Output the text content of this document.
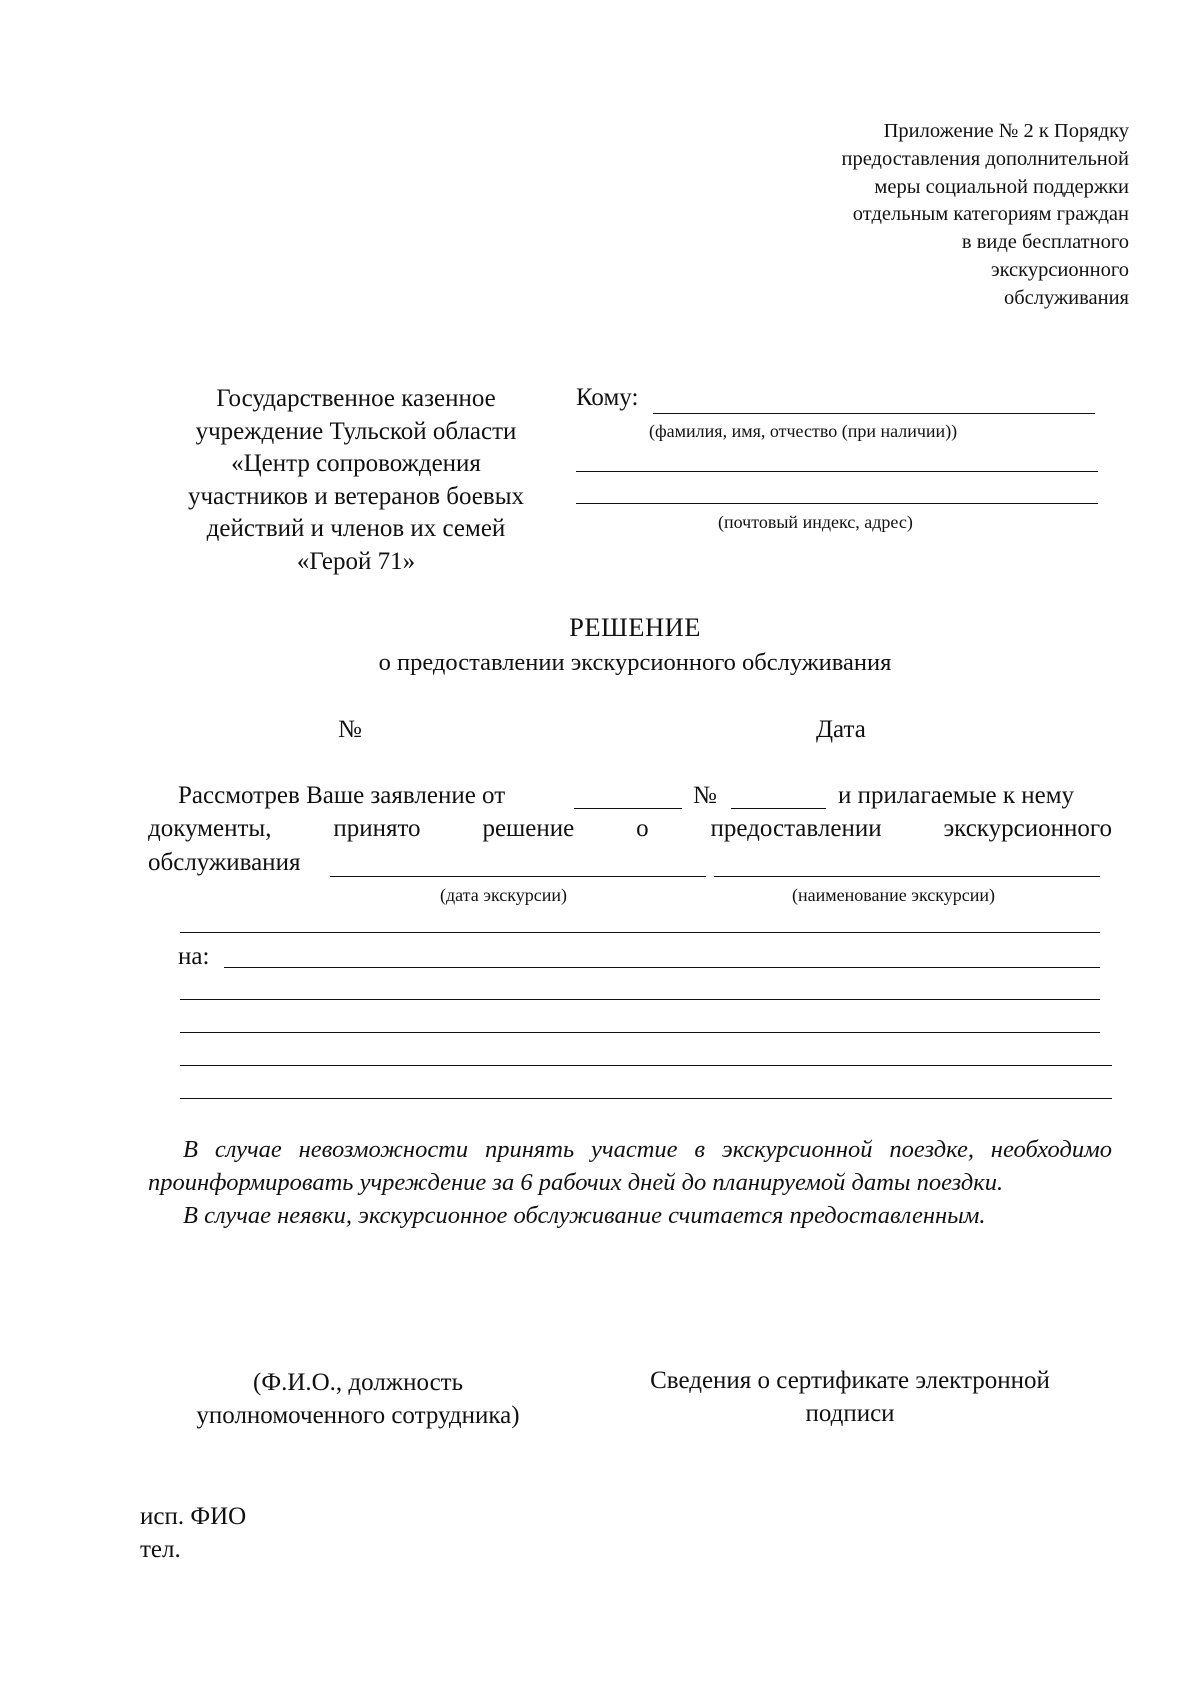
Приложение № 2 к Порядку
предоставления дополнительной
меры социальной поддержки
отдельным категориям граждан
в виде бесплатного
экскурсионного
обслуживания
Государственное казенное
учреждение Тульской области
«Центр сопровождения
участников и ветеранов боевых
действий и членов их семей
«Герой 71»
Кому:
(фамилия, имя, отчество (при наличии))
(почтовый индекс, адрес)
РЕШЕНИЕ
о предоставлении экскурсионного обслуживания
№	Дата
Рассмотрев Ваше заявление от	№	и прилагаемые к нему
документы, принято решение о предоставлении экскурсионного
обслуживания
(дата экскурсии)	(наименование экскурсии)
на:

В случае невозможности принять участие в экскурсионной поездке, необходимо проинформировать учреждение за 6 рабочих дней до планируемой даты поездки.

В случае неявки, экскурсионное обслуживание считается предоставленным.

(Ф.И.О., должность
уполномоченного сотрудника)
Сведения о сертификате электронной
подписи
исп. ФИО
тел.
